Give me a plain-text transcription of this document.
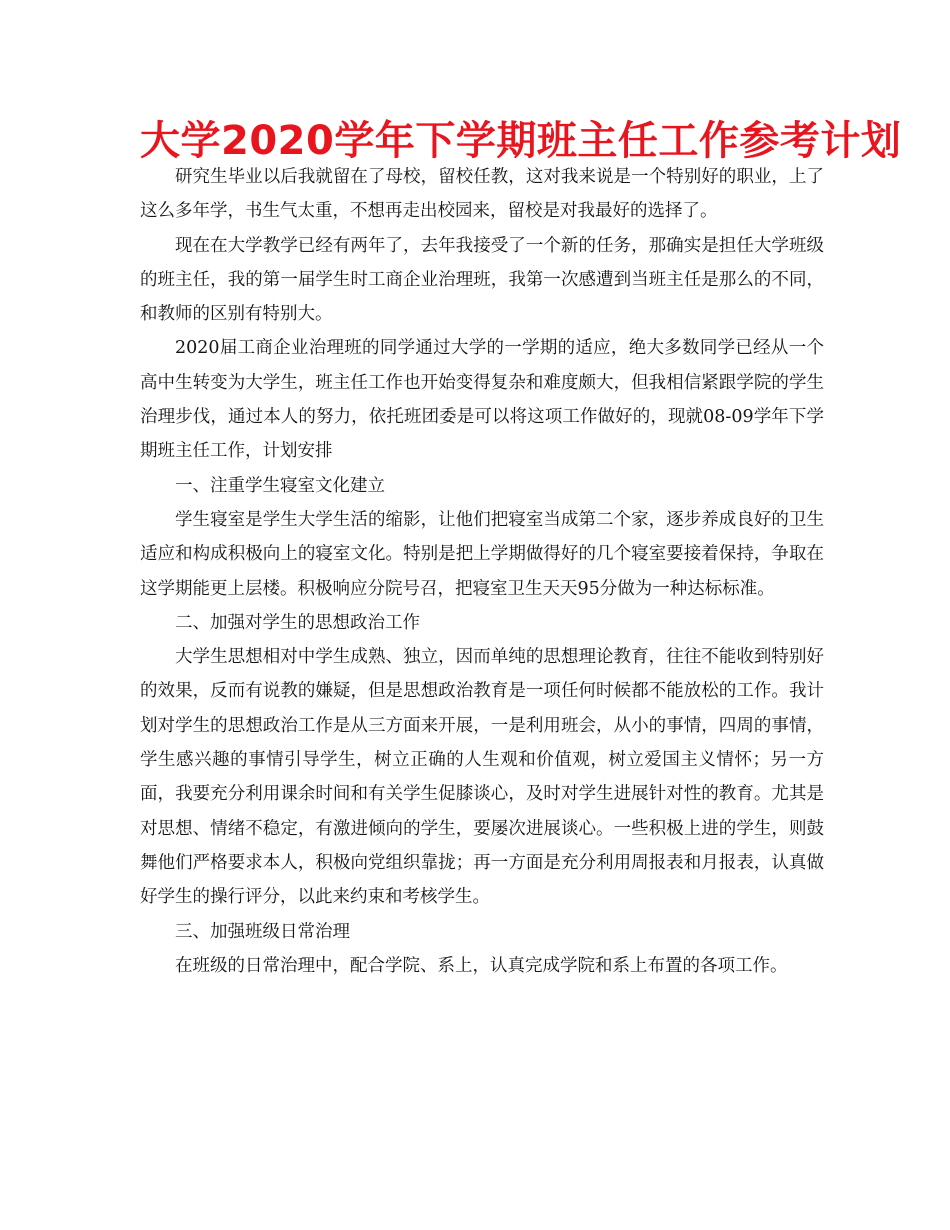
大学2020学年下学期班主任工作参考计划

研究生毕业以后我就留在了母校，留校任教，这对我来说是一个特别好的职业，上了这么多年学，书生气太重，不想再走出校园来，留校是对我最好的选择了。

现在在大学教学已经有两年了，去年我接受了一个新的任务，那确实是担任大学班级的班主任，我的第一届学生时工商企业治理班，我第一次感遭到当班主任是那么的不同，和教师的区别有特别大。

2020届工商企业治理班的同学通过大学的一学期的适应，绝大多数同学已经从一个高中生转变为大学生，班主任工作也开始变得复杂和难度颇大，但我相信紧跟学院的学生治理步伐，通过本人的努力，依托班团委是可以将这项工作做好的，现就08-09学年下学期班主任工作，计划安排

一、注重学生寝室文化建立

学生寝室是学生大学生活的缩影，让他们把寝室当成第二个家，逐步养成良好的卫生适应和构成积极向上的寝室文化。特别是把上学期做得好的几个寝室要接着保持，争取在这学期能更上层楼。积极响应分院号召，把寝室卫生天天95分做为一种达标标准。

二、加强对学生的思想政治工作

大学生思想相对中学生成熟、独立，因而单纯的思想理论教育，往往不能收到特别好的效果，反而有说教的嫌疑，但是思想政治教育是一项任何时候都不能放松的工作。我计划对学生的思想政治工作是从三方面来开展，一是利用班会，从小的事情，四周的事情，学生感兴趣的事情引导学生，树立正确的人生观和价值观，树立爱国主义情怀；另一方面，我要充分利用课余时间和有关学生促膝谈心，及时对学生进展针对性的教育。尤其是对思想、情绪不稳定，有激进倾向的学生，要屡次进展谈心。一些积极上进的学生，则鼓舞他们严格要求本人，积极向党组织靠拢；再一方面是充分利用周报表和月报表，认真做好学生的操行评分，以此来约束和考核学生。

三、加强班级日常治理

在班级的日常治理中，配合学院、系上，认真完成学院和系上布置的各项工作。
